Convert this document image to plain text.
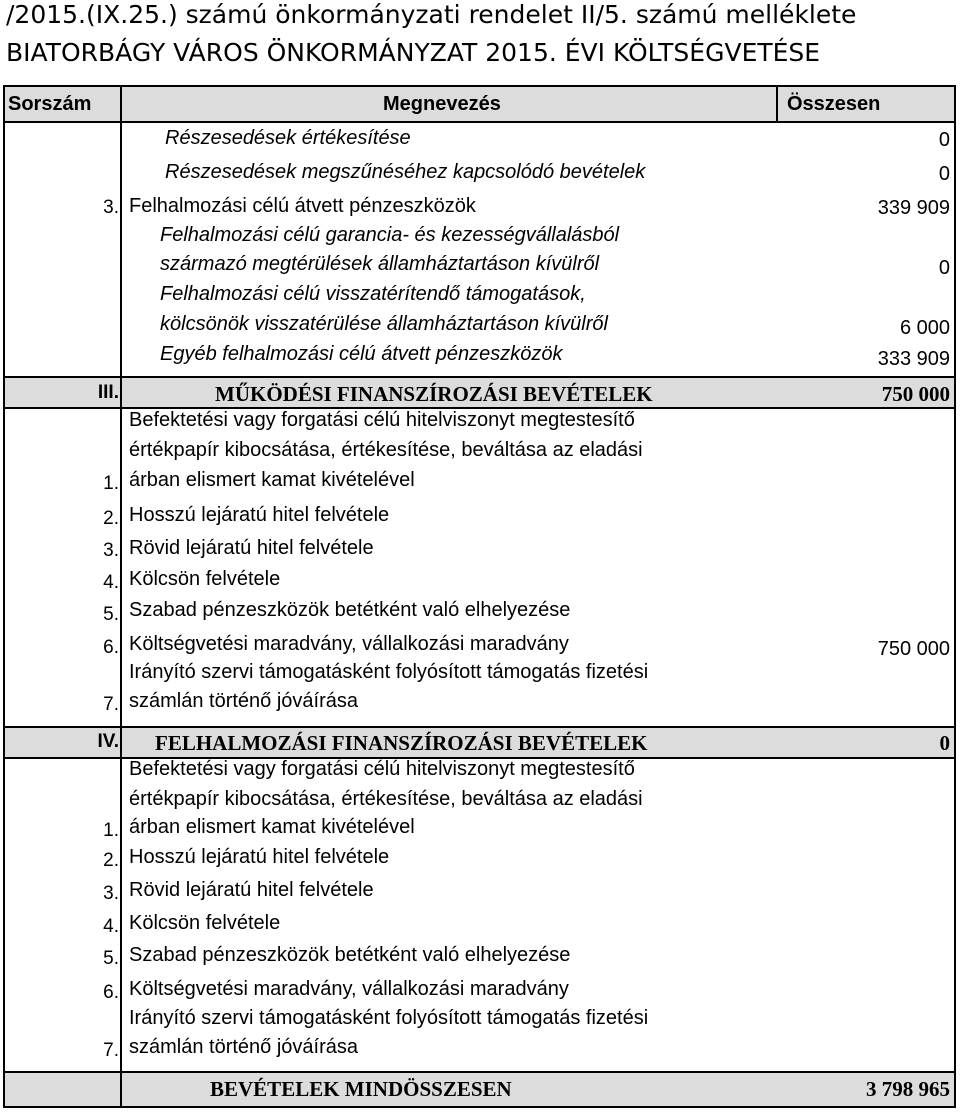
/2015.(IX.25.) számú önkormányzati rendelet II/5. számú melléklete
BIATORBÁGY VÁROS ÖNKORMÁNYZAT 2015. ÉVI KÖLTSÉGVETÉSE
Sorszám	Megnevezés	Összesen
Részesedések értékesítése	0
Részesedések megszűnéséhez kapcsolódó bevételek	0
3. Felhalmozási célú átvett pénzeszközök	339 909
Felhalmozási célú garancia- és kezességvállalásból
származó megtérülések államháztartáson kívülről	0
Felhalmozási célú visszatérítendő támogatások,
kölcsönök visszatérülése államháztartáson kívülről	6 000
Egyéb felhalmozási célú átvett pénzeszközök	333 909
III.	MŰKÖDÉSI FINANSZÍROZÁSI BEVÉTELEK	750 000
Befektetési vagy forgatási célú hitelviszonyt megtestesítő
értékpapír kibocsátása, értékesítése, beváltása az eladási
1. árban elismert kamat kivételével
2. Hosszú lejáratú hitel felvétele
3. Rövid lejáratú hitel felvétele
4. Kölcsön felvétele
5. Szabad pénzeszközök betétként való elhelyezése
6. Költségvetési maradvány, vállalkozási maradvány	750 000
Irányító szervi támogatásként folyósított támogatás fizetési
7. számlán történő jóváírása
IV. FELHALMOZÁSI FINANSZÍROZÁSI BEVÉTELEK	0
Befektetési vagy forgatási célú hitelviszonyt megtestesítő
értékpapír kibocsátása, értékesítése, beváltása az eladási
1. árban elismert kamat kivételével
2. Hosszú lejáratú hitel felvétele
3. Rövid lejáratú hitel felvétele
4. Kölcsön felvétele
5. Szabad pénzeszközök betétként való elhelyezése
6. Költségvetési maradvány, vállalkozási maradvány
Irányító szervi támogatásként folyósított támogatás fizetési
7. számlán történő jóváírása
BEVÉTELEK MINDÖSSZESEN	3 798 965
